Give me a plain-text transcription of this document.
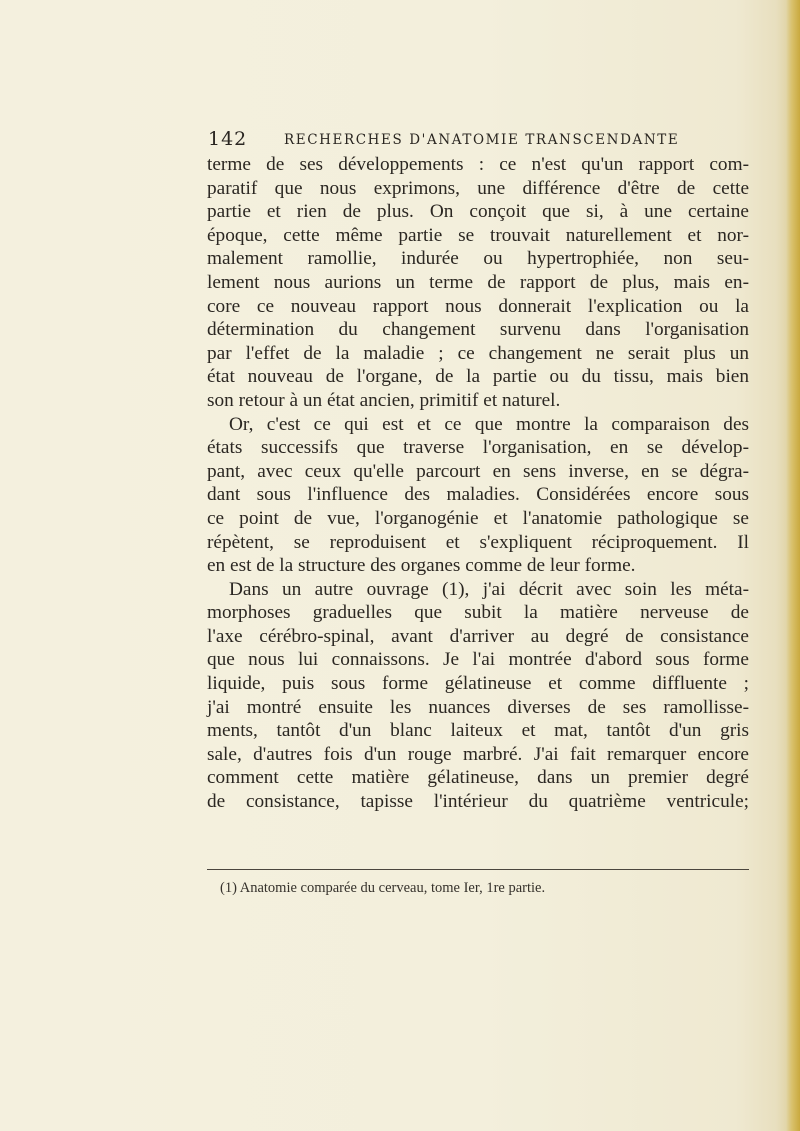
142	RECHERCHES D'ANATOMIE TRANSCENDANTE
terme de ses développements : ce n'est qu'un rapport com-
paratif que nous exprimons, une différence d'être de cette
partie et rien de plus. On conçoit que si, à une certaine
époque, cette même partie se trouvait naturellement et nor-
malement ramollie, indurée ou hypertrophiée, non seu-
lement nous aurions un terme de rapport de plus, mais en-
core ce nouveau rapport nous donnerait l'explication ou la
détermination du changement survenu dans l'organisation
par l'effet de la maladie ; ce changement ne serait plus un
état nouveau de l'organe, de la partie ou du tissu, mais bien
son retour à un état ancien, primitif et naturel.
Or, c'est ce qui est et ce que montre la comparaison des
états successifs que traverse l'organisation, en se dévelop-
pant, avec ceux qu'elle parcourt en sens inverse, en se dégra-
dant sous l'influence des maladies. Considérées encore sous
ce point de vue, l'organogénie et l'anatomie pathologique se
répètent, se reproduisent et s'expliquent réciproquement. Il
en est de la structure des organes comme de leur forme.
Dans un autre ouvrage (1), j'ai décrit avec soin les méta-
morphoses graduelles que subit la matière nerveuse de
l'axe cérébro-spinal, avant d'arriver au degré de consistance
que nous lui connaissons. Je l'ai montrée d'abord sous forme
liquide, puis sous forme gélatineuse et comme diffluente ;
j'ai montré ensuite les nuances diverses de ses ramollisse-
ments, tantôt d'un blanc laiteux et mat, tantôt d'un gris
sale, d'autres fois d'un rouge marbré. J'ai fait remarquer encore
comment cette matière gélatineuse, dans un premier degré
de consistance, tapisse l'intérieur du quatrième ventricule;
(1) Anatomie comparée du cerveau, tome Ier, 1re partie.
